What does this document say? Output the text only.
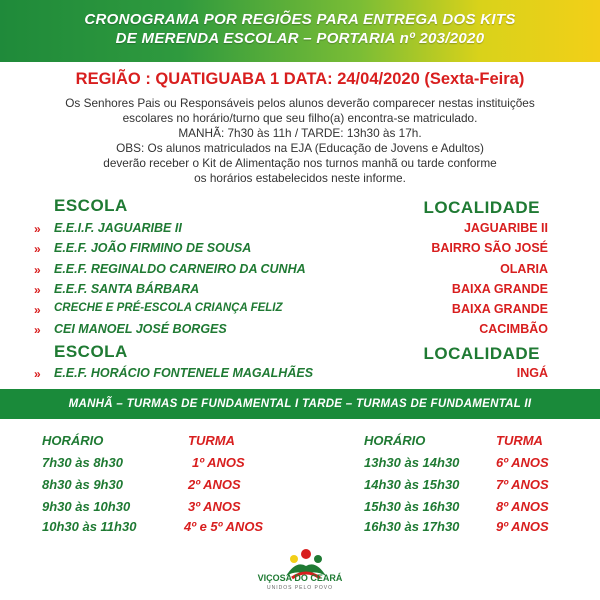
CRONOGRAMA POR REGIÕES PARA ENTREGA DOS KITS
DE MERENDA ESCOLAR – PORTARIA nº 203/2020
REGIÃO : QUATIGUABA 1 DATA: 24/04/2020 (Sexta-Feira)
Os Senhores Pais ou Responsáveis pelos alunos deverão comparecer nestas instituições
escolares no horário/turno que seu filho(a) encontra-se matriculado.
MANHÃ: 7h30 às 11h / TARDE: 13h30 às 17h.
OBS: Os alunos matriculados na EJA (Educação de Jovens e Adultos)
deverão receber o Kit de Alimentação nos turnos manhã ou tarde conforme
os horários estabelecidos neste informe.
ESCOLA	LOCALIDADE
» E.E.I.F. JAGUARIBE II	JAGUARIBE II
» E.E.F. JOÃO FIRMINO DE SOUSA	BAIRRO SÃO JOSÉ
» E.E.F. REGINALDO CARNEIRO DA CUNHA	OLARIA
» E.E.F. SANTA BÁRBARA	BAIXA GRANDE
» CRECHE E PRÉ-ESCOLA CRIANÇA FELIZ	BAIXA GRANDE
» CEI MANOEL JOSÉ BORGES	CACIMBÃO
ESCOLA	LOCALIDADE
» E.E.F. HORÁCIO FONTENELE MAGALHÃES	INGÁ
MANHÃ – TURMAS DE FUNDAMENTAL I TARDE – TURMAS DE FUNDAMENTAL II
HORÁRIO	TURMA
7h30 às 8h30	1º ANOS
8h30 às 9h30	2º ANOS
9h30 às 10h30	3º ANOS
10h30 às 11h30	4º e 5º ANOS
HORÁRIO	TURMA
13h30 às 14h30	6º ANOS
14h30 às 15h30	7º ANOS
15h30 às 16h30	8º ANOS
16h30 às 17h30	9º ANOS
VIÇOSA DO CEARÁ
UNIDOS PELO POVO
